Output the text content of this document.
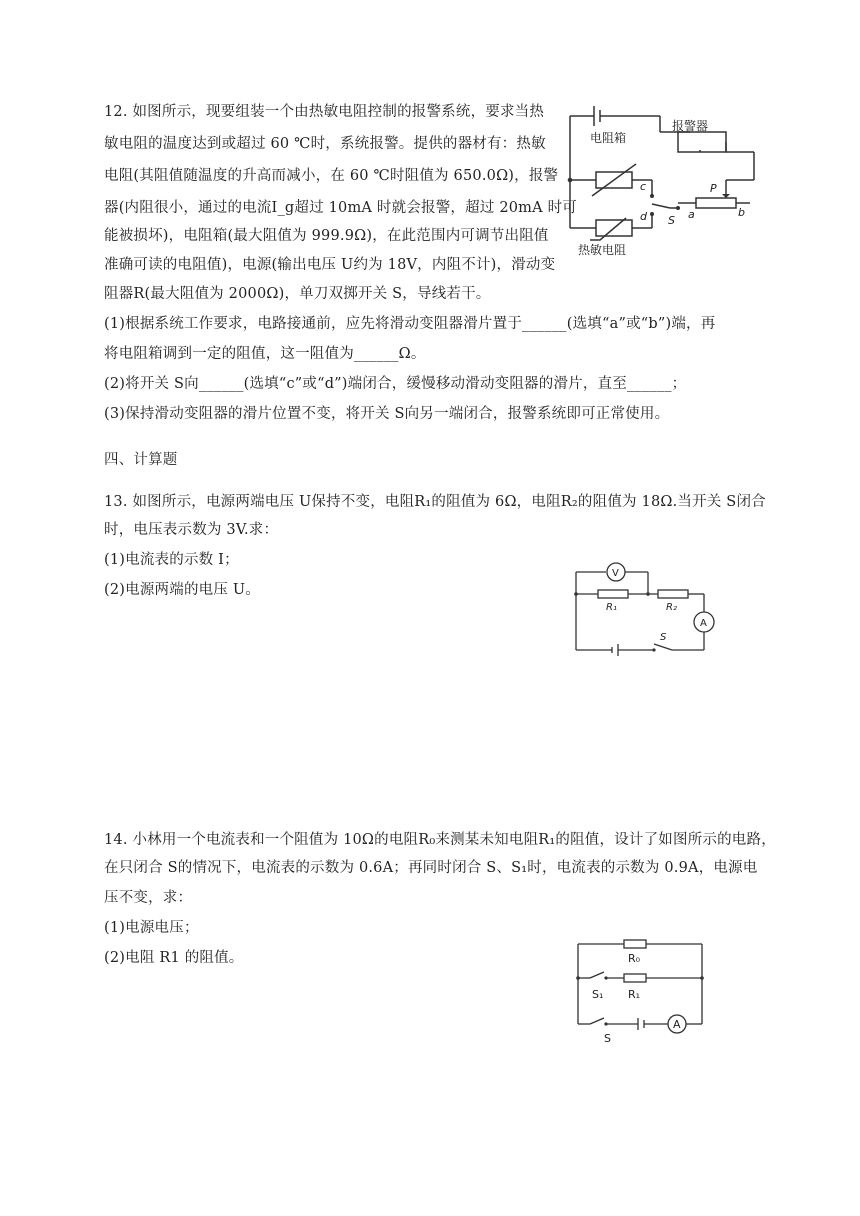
12. 如图所示，现要组装一个由热敏电阻控制的报警系统，要求当热
敏电阻的温度达到或超过 60 ℃时，系统报警。提供的器材有：热敏
电阻(其阻值随温度的升高而减小，在 60 ℃时阻值为 650.0Ω)，报警
器(内阻很小，通过的电流I_g超过 10mA 时就会报警，超过 20mA 时可
能被损坏)，电阻箱(最大阻值为 999.9Ω)，在此范围内可调节出阻值
准确可读的电阻值)，电源(输出电压 U约为 18V，内阻不计)，滑动变
阻器R(最大阻值为 2000Ω)，单刀双掷开关 S，导线若干。
(1)根据系统工作要求，电路接通前，应先将滑动变阻器滑片置于______(选填“a”或“b”)端，再
将电阻箱调到一定的阻值，这一阻值为______Ω。
(2)将开关 S向______(选填“c”或“d”)端闭合，缓慢移动滑动变阻器的滑片，直至______；
(3)保持滑动变阻器的滑片位置不变，将开关 S向另一端闭合，报警系统即可正常使用。
电阻箱
报警器
热敏电阻
c
d S a	b
P
四、计算题
13. 如图所示，电源两端电压 U保持不变，电阻R₁的阻值为 6Ω，电阻R₂的阻值为 18Ω.当开关 S闭合
时，电压表示数为 3V.求：
(1)电流表的示数 I；
(2)电源两端的电压 U。
V
A
R₁	R₂
S
14. 小林用一个电流表和一个阻值为 10Ω的电阻R₀来测某未知电阻R₁的阻值，设计了如图所示的电路，
在只闭合 S的情况下，电流表的示数为 0.6A；再同时闭合 S、S₁时，电流表的示数为 0.9A，电源电
压不变，求：
(1)电源电压；
(2)电阻 R1 的阻值。	R₀
S₁ R₁
S
A
